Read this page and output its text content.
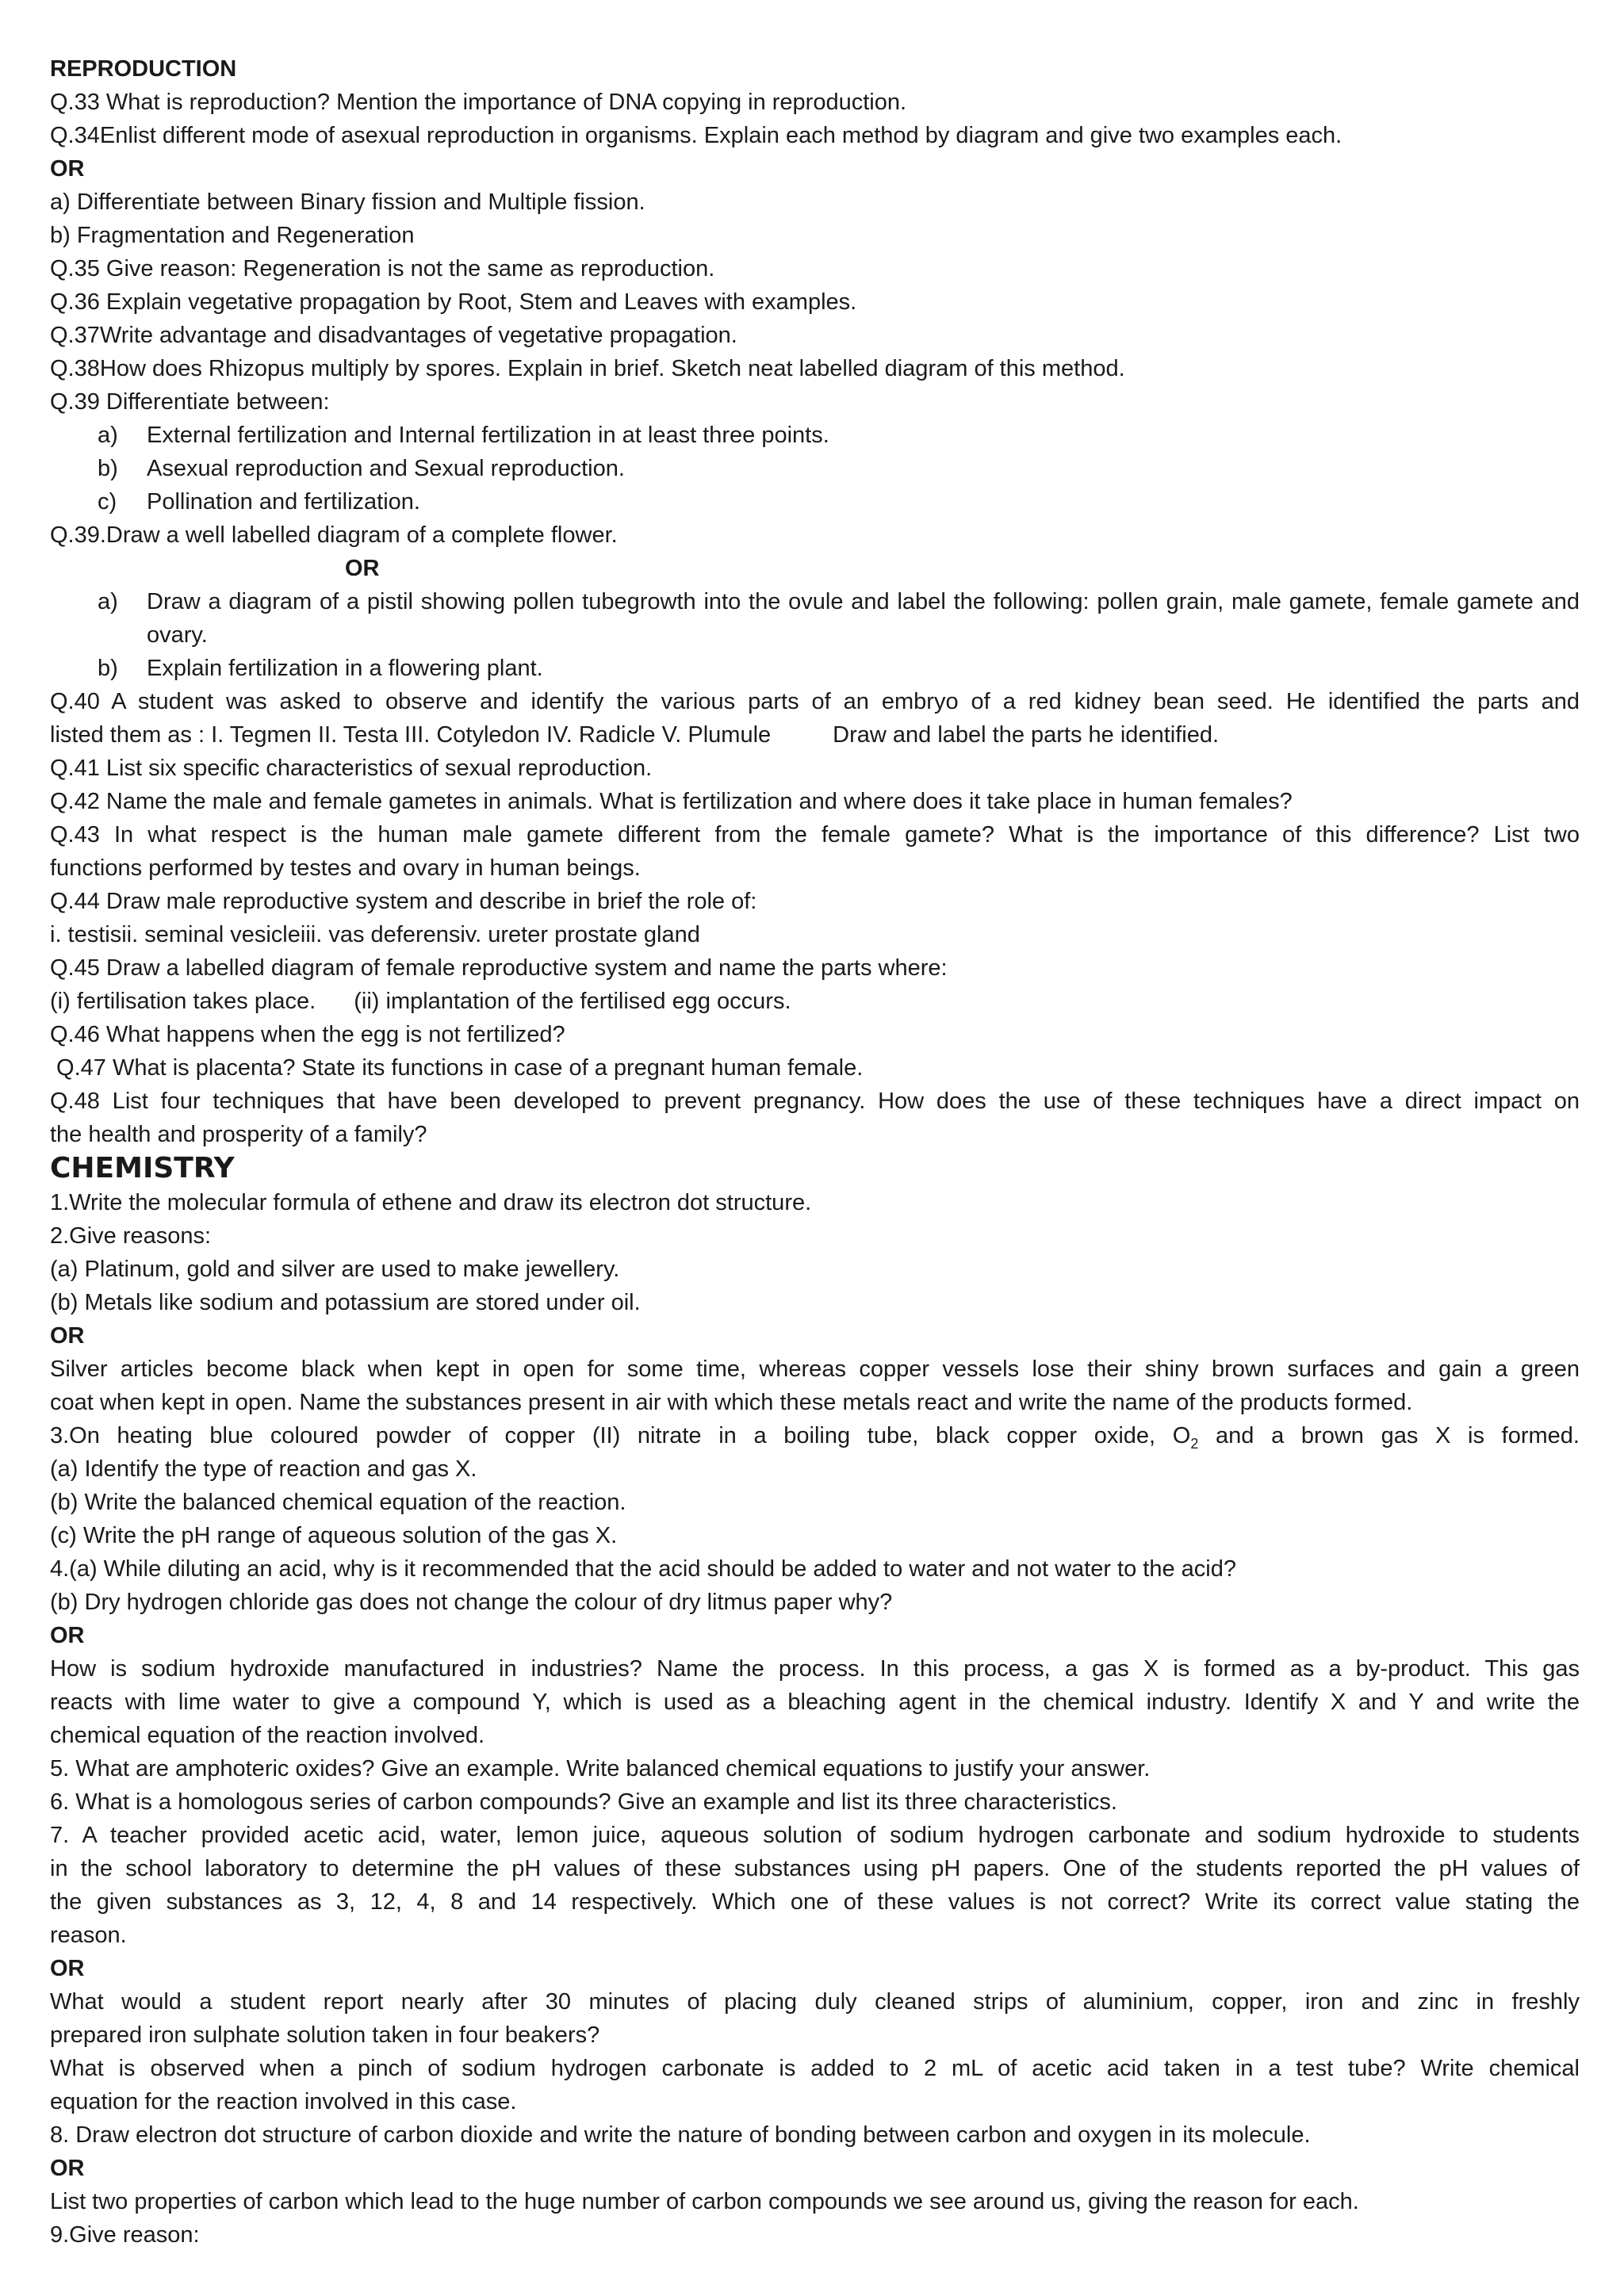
REPRODUCTION

Q.33 What is reproduction? Mention the importance of DNA copying in reproduction.

Q.34Enlist different mode of asexual reproduction in organisms. Explain each method by diagram and give two examples each.

OR

a) Differentiate between Binary fission and Multiple fission.

b) Fragmentation and Regeneration

Q.35 Give reason: Regeneration is not the same as reproduction.

Q.36 Explain vegetative propagation by Root, Stem and Leaves with examples.

Q.37Write advantage and disadvantages of vegetative propagation.

Q.38How does Rhizopus multiply by spores. Explain in brief. Sketch neat labelled diagram of this method.

Q.39 Differentiate between:

a)	External fertilization and Internal fertilization in at least three points.
b)	Asexual reproduction and Sexual reproduction.
c)	Pollination and fertilization.

Q.39.Draw a well labelled diagram of a complete flower.

OR

a)	Draw a diagram of a pistil showing pollen tubegrowth into the ovule and label the following: pollen grain, male gamete, female gamete and ovary.
b)	Explain fertilization in a flowering plant.

Q.40 A student was asked to observe and identify the various parts of an embryo of a red kidney bean seed. He identified the parts and

listed them as : I. Tegmen II. Testa III. Cotyledon IV. Radicle V. Plumule	Draw and label the parts he identified.

Q.41 List six specific characteristics of sexual reproduction.

Q.42 Name the male and female gametes in animals. What is fertilization and where does it take place in human females?

Q.43 In what respect is the human male gamete different from the female gamete? What is the importance of this difference? List two

functions performed by testes and ovary in human beings.

Q.44 Draw male reproductive system and describe in brief the role of:

i. testisii. seminal vesicleiii. vas deferensiv. ureter prostate gland

Q.45 Draw a labelled diagram of female reproductive system and name the parts where:

(i) fertilisation takes place. (ii) implantation of the fertilised egg occurs.

Q.46 What happens when the egg is not fertilized?

Q.47 What is placenta? State its functions in case of a pregnant human female.

Q.48 List four techniques that have been developed to prevent pregnancy. How does the use of these techniques have a direct impact on

the health and prosperity of a family?

CHEMISTRY

1.Write the molecular formula of ethene and draw its electron dot structure.

2.Give reasons:

(a) Platinum, gold and silver are used to make jewellery.

(b) Metals like sodium and potassium are stored under oil.

OR

Silver articles become black when kept in open for some time, whereas copper vessels lose their shiny brown surfaces and gain a green

coat when kept in open. Name the substances present in air with which these metals react and write the name of the products formed.

3.On heating blue coloured powder of copper (II) nitrate in a boiling tube, black copper oxide, $O_2$ and a brown gas X is formed.

(a) Identify the type of reaction and gas X.

(b) Write the balanced chemical equation of the reaction.

(c) Write the pH range of aqueous solution of the gas X.

4.(a) While diluting an acid, why is it recommended that the acid should be added to water and not water to the acid?

(b) Dry hydrogen chloride gas does not change the colour of dry litmus paper why?

OR

How is sodium hydroxide manufactured in industries? Name the process. In this process, a gas X is formed as a by-product. This gas

reacts with lime water to give a compound Y, which is used as a bleaching agent in the chemical industry. Identify X and Y and write the

chemical equation of the reaction involved.

5. What are amphoteric oxides? Give an example. Write balanced chemical equations to justify your answer.

6. What is a homologous series of carbon compounds? Give an example and list its three characteristics.

7. A teacher provided acetic acid, water, lemon juice, aqueous solution of sodium hydrogen carbonate and sodium hydroxide to students

in the school laboratory to determine the pH values of these substances using pH papers. One of the students reported the pH values of

the given substances as 3, 12, 4, 8 and 14 respectively. Which one of these values is not correct? Write its correct value stating the

reason.

OR

What would a student report nearly after 30 minutes of placing duly cleaned strips of aluminium, copper, iron and zinc in freshly

prepared iron sulphate solution taken in four beakers?

What is observed when a pinch of sodium hydrogen carbonate is added to 2 mL of acetic acid taken in a test tube? Write chemical

equation for the reaction involved in this case.

8. Draw electron dot structure of carbon dioxide and write the nature of bonding between carbon and oxygen in its molecule.

OR

List two properties of carbon which lead to the huge number of carbon compounds we see around us, giving the reason for each.

9.Give reason:
